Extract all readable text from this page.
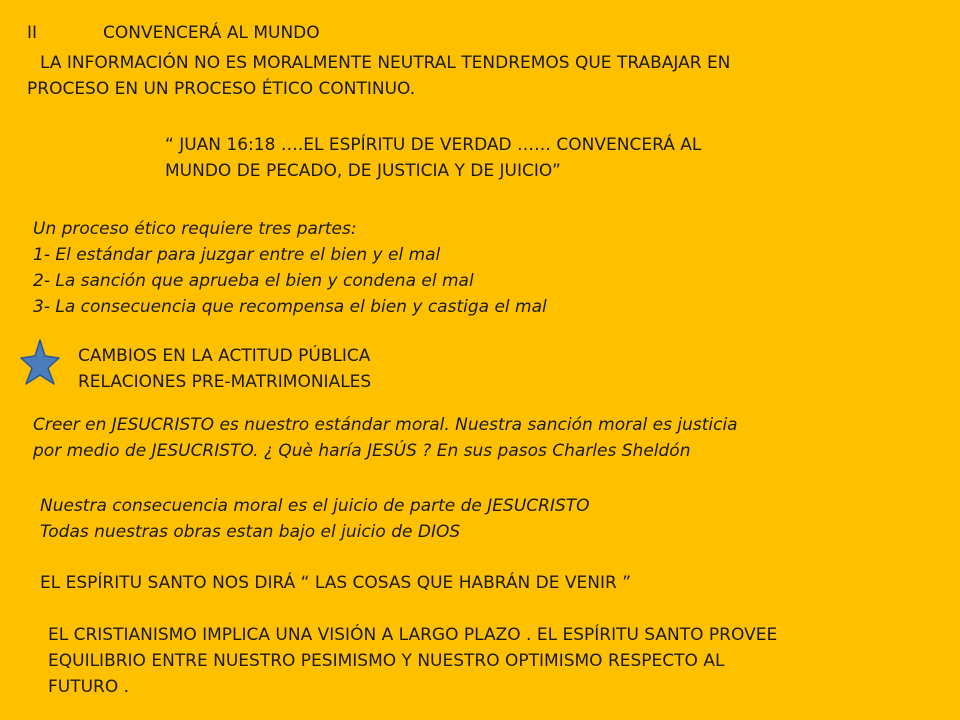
II	CONVENCERÁ AL MUNDO
LA INFORMACIÓN NO ES MORALMENTE NEUTRAL TENDREMOS QUE TRABAJAR EN
PROCESO EN UN PROCESO ÉTICO CONTINUO.
“ JUAN 16:18 ….EL ESPÍRITU DE VERDAD …… CONVENCERÁ AL
MUNDO DE PECADO, DE JUSTICIA Y DE JUICIO”
Un proceso ético requiere tres partes:
1- El estándar para juzgar entre el bien y el mal
2- La sanción que aprueba el bien y condena el mal
3- La consecuencia que recompensa el bien y castiga el mal
CAMBIOS EN LA ACTITUD PÚBLICA
RELACIONES PRE-MATRIMONIALES
Creer en JESUCRISTO es nuestro estándar moral. Nuestra sanción moral es justicia
por medio de JESUCRISTO. ¿ Què haría JESÚS ? En sus pasos Charles Sheldón
Nuestra consecuencia moral es el juicio de parte de JESUCRISTO
Todas nuestras obras estan bajo el juicio de DIOS
EL ESPÍRITU SANTO NOS DIRÁ “ LAS COSAS QUE HABRÁN DE VENIR ”
EL CRISTIANISMO IMPLICA UNA VISIÓN A LARGO PLAZO . EL ESPÍRITU SANTO PROVEE
EQUILIBRIO ENTRE NUESTRO PESIMISMO Y NUESTRO OPTIMISMO RESPECTO AL
FUTURO .
